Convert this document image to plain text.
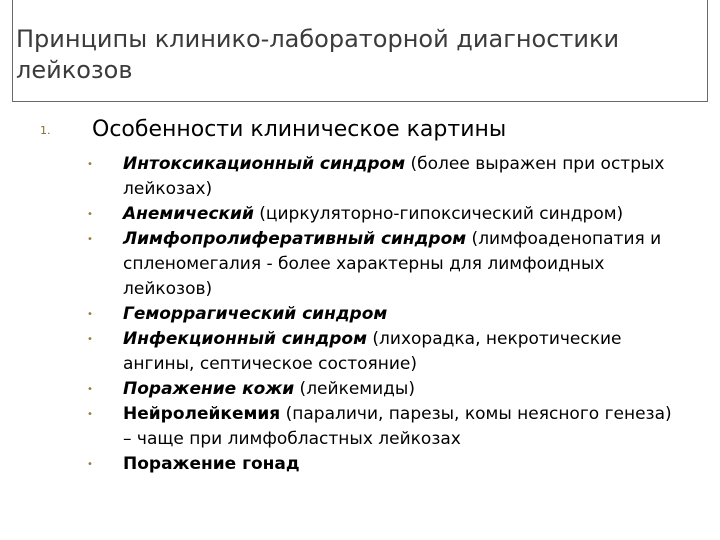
Принципы клинико-лабораторной диагностики
лейкозов
1. Особенности клиническое картины
• Интоксикационный синдром (более выражен при острых лейкозах)
• Анемический (циркуляторно-гипоксический синдром)
• Лимфопролиферативный синдром (лимфоаденопатия и спленомегалия - более характерны для лимфоидных лейкозов)
• Геморрагический синдром
• Инфекционный синдром (лихорадка, некротические ангины, септическое состояние)
• Поражение кожи (лейкемиды)
• Нейролейкемия (параличи, парезы, комы неясного генеза) – чаще при лимфобластных лейкозах
• Поражение гонад
